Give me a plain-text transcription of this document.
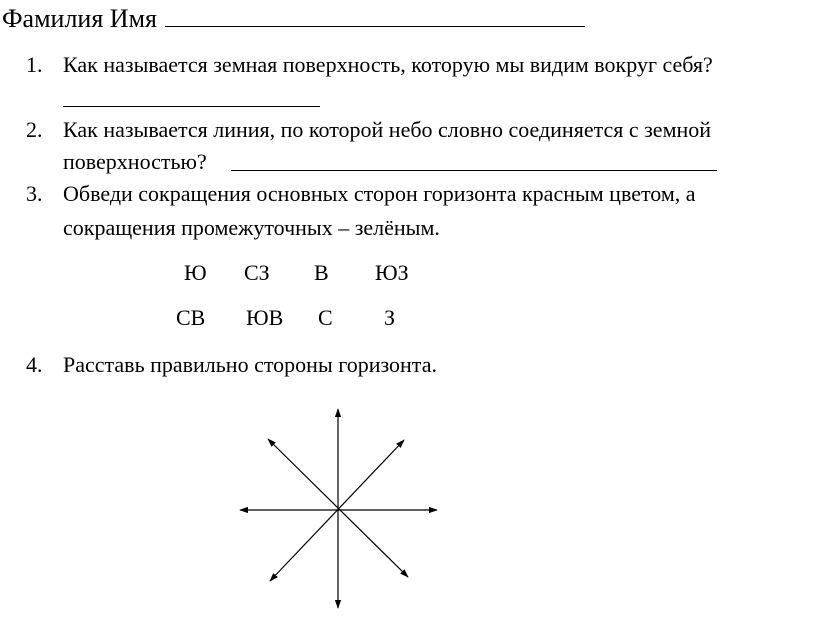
Фамилия Имя
1. Как называется земная поверхность, которую мы видим вокруг себя?
2. Как называется линия, по которой небо словно соединяется с земной
поверхностью?
3. Обведи сокращения основных сторон горизонта красным цветом, а
сокращения промежуточных – зелёным.
Ю СЗ В ЮЗ
СВ ЮВ С З
4. Расставь правильно стороны горизонта.
